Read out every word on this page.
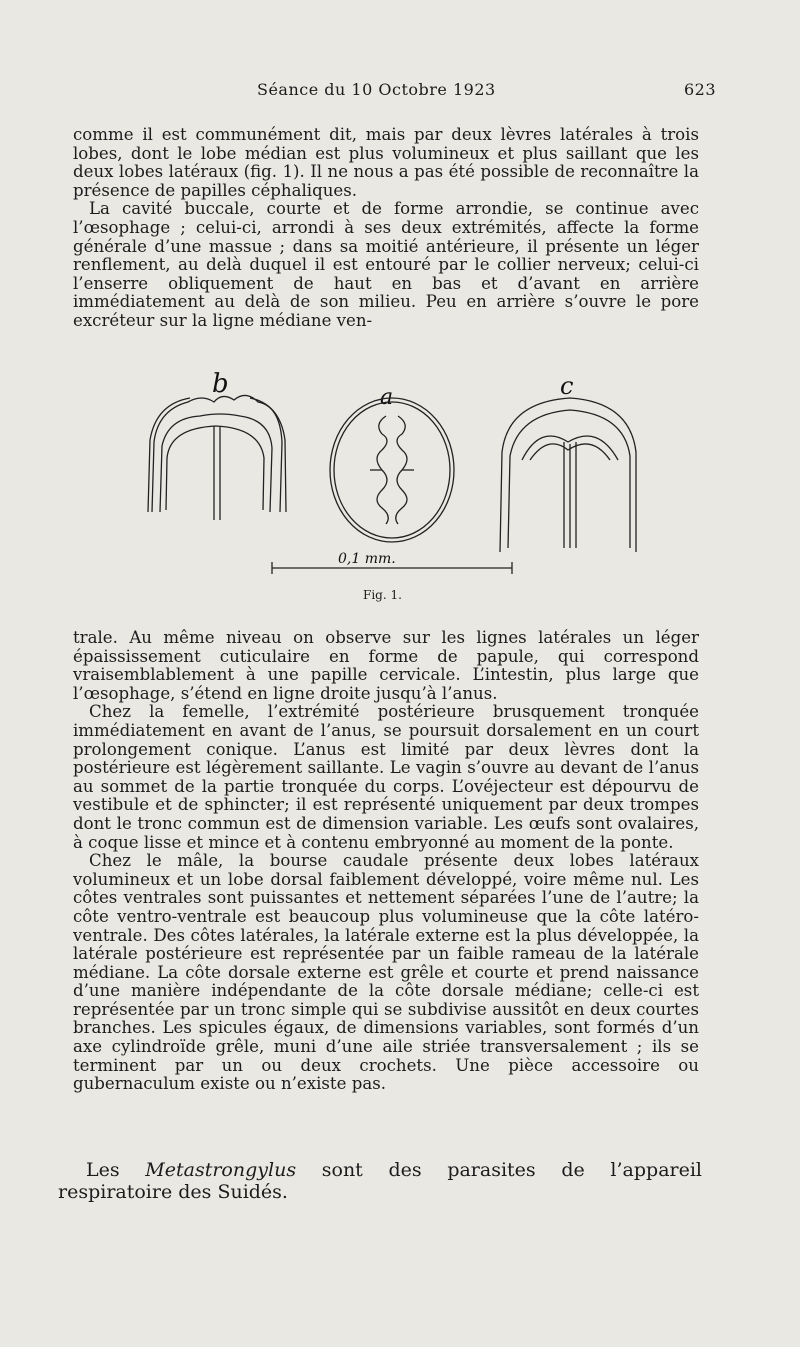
Séance du 10 Octobre 1923	623

comme il est communément dit, mais par deux lèvres latérales à trois lobes, dont le lobe médian est plus volumineux et plus saillant que les deux lobes latéraux (fig. 1). Il ne nous a pas été possible de reconnaître la présence de papilles céphaliques.

La cavité buccale, courte et de forme arrondie, se continue avec l’œsophage ; celui-ci, arrondi à ses deux extrémités, affecte la forme générale d’une massue ; dans sa moitié antérieure, il présente un léger renflement, au delà duquel il est entouré par le collier nerveux; celui-ci l’enserre obliquement de haut en bas et d’avant en arrière immédiatement au delà de son milieu. Peu en arrière s’ouvre le pore excréteur sur la ligne médiane ven-

b	a	c
0,1 mm.
Fig. 1.

trale. Au même niveau on observe sur les lignes latérales un léger épaississement cuticulaire en forme de papule, qui correspond vraisemblablement à une papille cervicale. L’intestin, plus large que l’œsophage, s’étend en ligne droite jusqu’à l’anus.

Chez la femelle, l’extrémité postérieure brusquement tronquée immédiatement en avant de l’anus, se poursuit dorsalement en un court prolongement conique. L’anus est limité par deux lèvres dont la postérieure est légèrement saillante. Le vagin s’ouvre au devant de l’anus au sommet de la partie tronquée du corps. L’ovéjecteur est dépourvu de vestibule et de sphincter; il est représenté uniquement par deux trompes dont le tronc commun est de dimension variable. Les œufs sont ovalaires, à coque lisse et mince et à contenu embryonné au moment de la ponte.

Chez le mâle, la bourse caudale présente deux lobes latéraux volumineux et un lobe dorsal faiblement développé, voire même nul. Les côtes ventrales sont puissantes et nettement séparées l’une de l’autre; la côte ventro-ventrale est beaucoup plus volumineuse que la côte latéro-ventrale. Des côtes latérales, la latérale externe est la plus développée, la latérale postérieure est représentée par un faible rameau de la latérale médiane. La côte dorsale externe est grêle et courte et prend naissance d’une manière indépendante de la côte dorsale médiane; celle-ci est représentée par un tronc simple qui se subdivise aussitôt en deux courtes branches. Les spicules égaux, de dimensions variables, sont formés d’un axe cylindroïde grêle, muni d’une aile striée transversalement ; ils se terminent par un ou deux crochets. Une pièce accessoire ou gubernaculum existe ou n’existe pas.

Les Metastrongylus sont des parasites de l’appareil respiratoire des Suidés.
